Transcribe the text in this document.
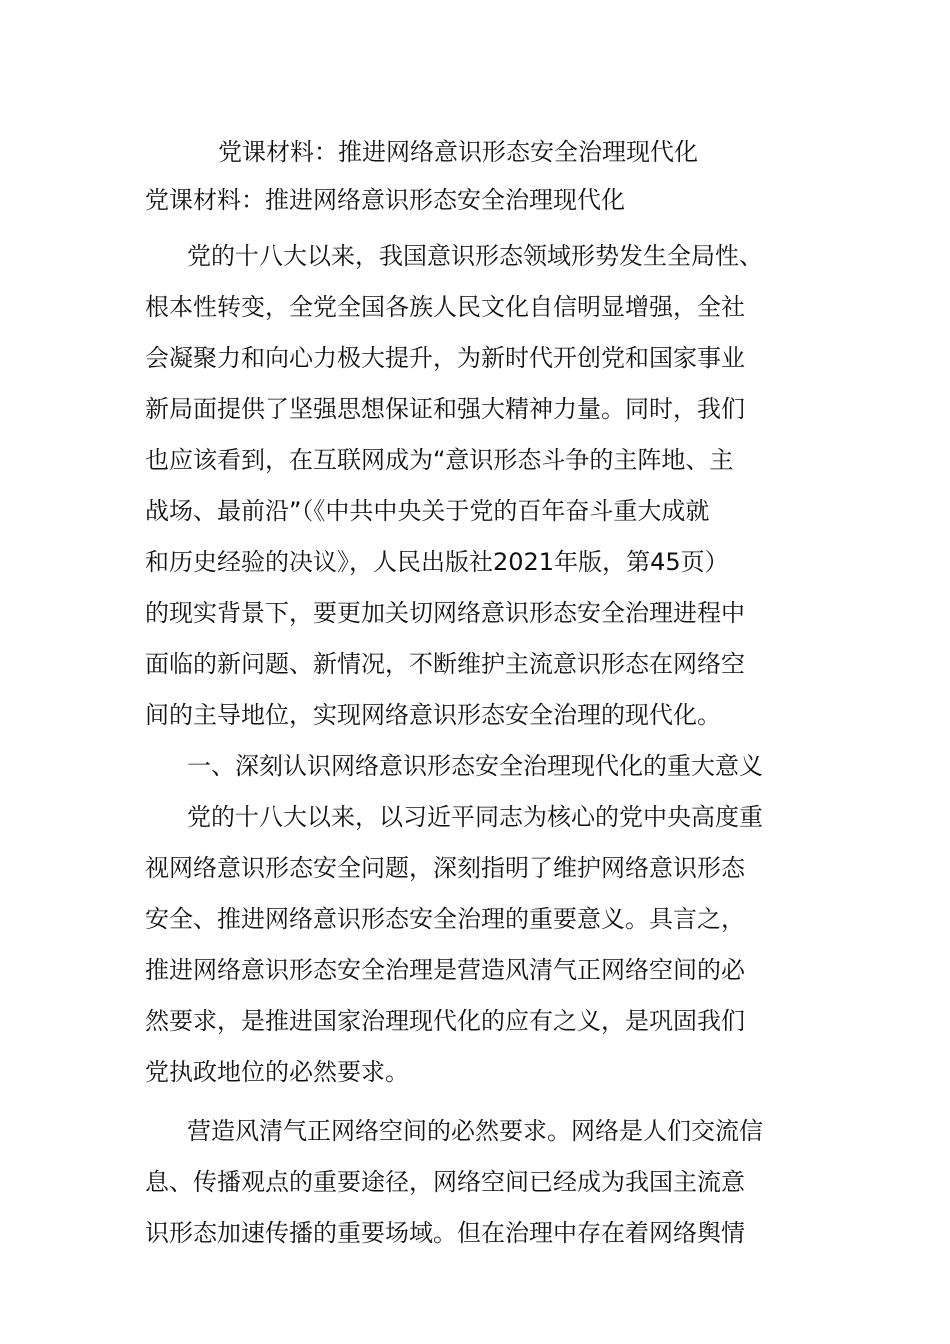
党课材料：推进网络意识形态安全治理现代化
党课材料：推进网络意识形态安全治理现代化
党的十八大以来，我国意识形态领域形势发生全局性、
根本性转变，全党全国各族人民文化自信明显增强，全社
会凝聚力和向心力极大提升，为新时代开创党和国家事业
新局面提供了坚强思想保证和强大精神力量。同时，我们
也应该看到，在互联网成为“意识形态斗争的主阵地、主
战场、最前沿”（《中共中央关于党的百年奋斗重大成就
和历史经验的决议》，人民出版社2021年版，第45页）
的现实背景下，要更加关切网络意识形态安全治理进程中
面临的新问题、新情况，不断维护主流意识形态在网络空
间的主导地位，实现网络意识形态安全治理的现代化。
一、深刻认识网络意识形态安全治理现代化的重大意义
党的十八大以来，以习近平同志为核心的党中央高度重
视网络意识形态安全问题，深刻指明了维护网络意识形态
安全、推进网络意识形态安全治理的重要意义。具言之，
推进网络意识形态安全治理是营造风清气正网络空间的必
然要求，是推进国家治理现代化的应有之义，是巩固我们
党执政地位的必然要求。
营造风清气正网络空间的必然要求。网络是人们交流信
息、传播观点的重要途径，网络空间已经成为我国主流意
识形态加速传播的重要场域。但在治理中存在着网络舆情
